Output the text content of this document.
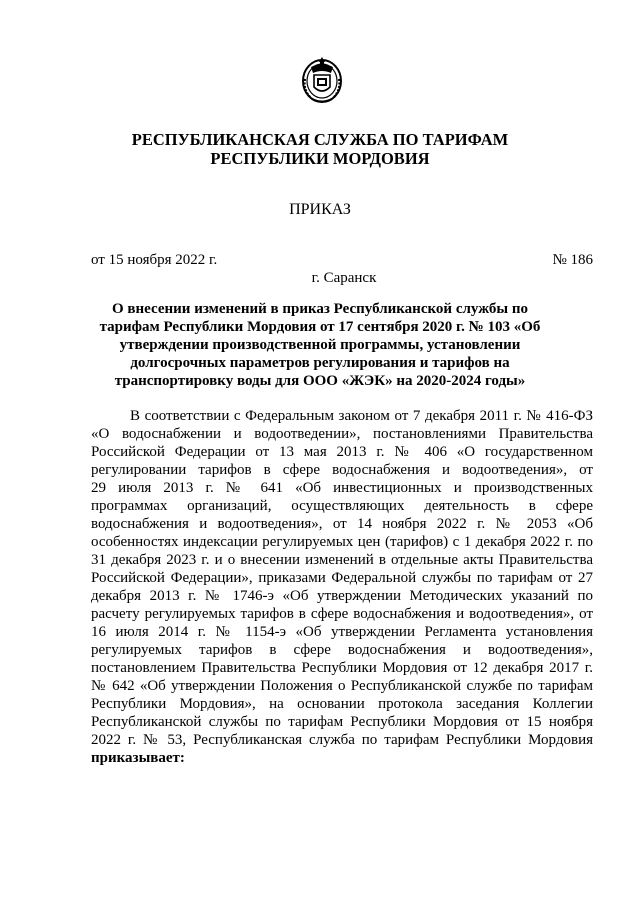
РЕСПУБЛИКАНСКАЯ СЛУЖБА ПО ТАРИФАМ
РЕСПУБЛИКИ МОРДОВИЯ
ПРИКАЗ
от 15 ноября 2022 г.	№ 186
г. Саранск
О внесении изменений в приказ Республиканской службы по
тарифам Республики Мордовия от 17 сентября 2020 г. № 103 «Об
утверждении производственной программы, установлении
долгосрочных параметров регулирования и тарифов на
транспортировку воды для ООО «ЖЭК» на 2020-2024 годы»
В соответствии с Федеральным законом от 7 декабря 2011 г. № 416-ФЗ
«О водоснабжении и водоотведении», постановлениями Правительства
Российской Федерации от 13 мая 2013 г. № 406 «О государственном
регулировании тарифов в сфере водоснабжения и водоотведения», от
29 июля 2013 г. № 641 «Об инвестиционных и производственных
программах организаций, осуществляющих деятельность в сфере
водоснабжения и водоотведения», от 14 ноября 2022 г. № 2053 «Об
особенностях индексации регулируемых цен (тарифов) с 1 декабря 2022 г. по
31 декабря 2023 г. и о внесении изменений в отдельные акты Правительства
Российской Федерации», приказами Федеральной службы по тарифам от 27
декабря 2013 г. № 1746-э «Об утверждении Методических указаний по
расчету регулируемых тарифов в сфере водоснабжения и водоотведения», от
16 июля 2014 г. № 1154-э «Об утверждении Регламента установления
регулируемых тарифов в сфере водоснабжения и водоотведения»,
постановлением Правительства Республики Мордовия от 12 декабря 2017 г.
№ 642 «Об утверждении Положения о Республиканской службе по тарифам
Республики Мордовия», на основании протокола заседания Коллегии
Республиканской службы по тарифам Республики Мордовия от 15 ноября
2022 г. № 53, Республиканская служба по тарифам Республики Мордовия
приказывает:
